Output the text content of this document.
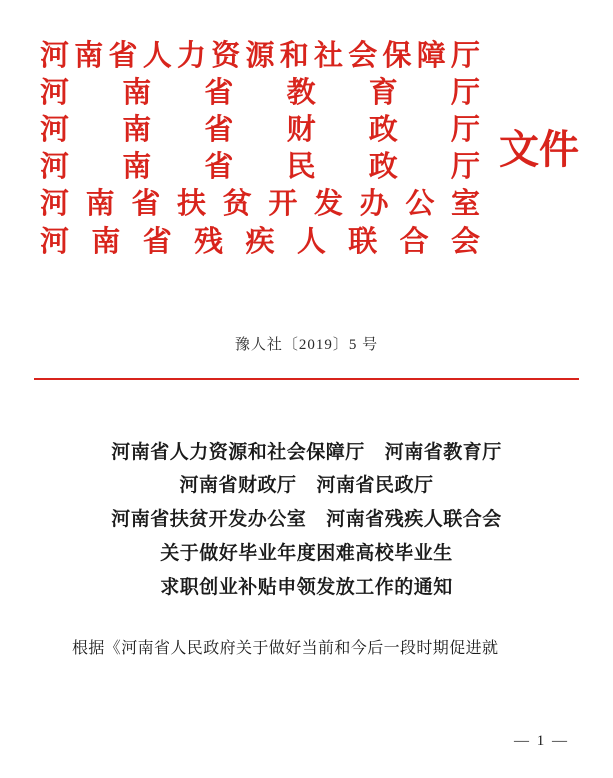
河南省人力资源和社会保障厅
河 南 省 教 育 厅
河 南 省 财 政 厅
河 南 省 民 政 厅
河南省扶贫开发办公室
河南省残疾人联合会
文件
豫人社〔2019〕5 号
河南省人力资源和社会保障厅 河南省教育厅
河南省财政厅 河南省民政厅
河南省扶贫开发办公室 河南省残疾人联合会
关于做好毕业年度困难高校毕业生
求职创业补贴申领发放工作的通知
根据《河南省人民政府关于做好当前和今后一段时期促进就
— 1 —
